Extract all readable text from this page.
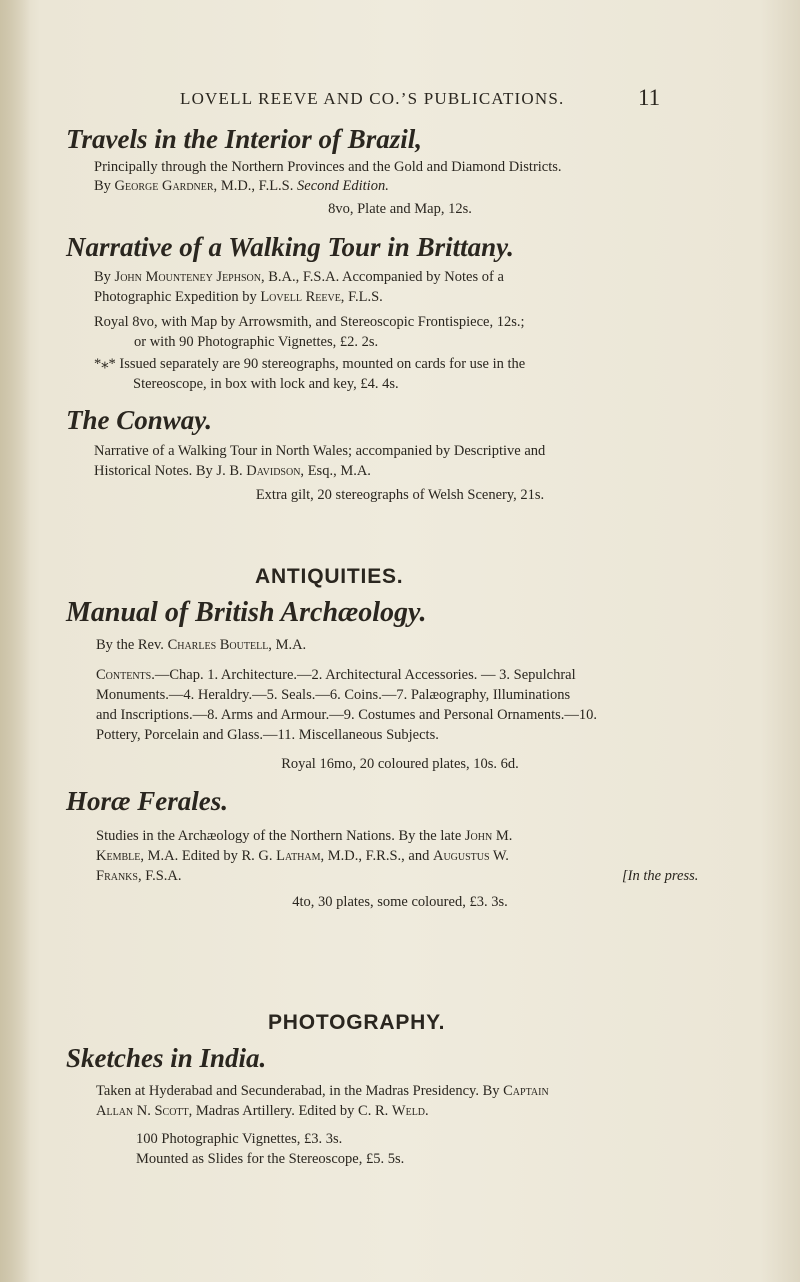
LOVELL REEVE AND CO.’S PUBLICATIONS.	11
Travels in the Interior of Brazil,
Principally through the Northern Provinces and the Gold and Diamond Districts.
By George Gardner, M.D., F.L.S. Second Edition.
8vo, Plate and Map, 12s.
Narrative of a Walking Tour in Brittany.
By John Mounteney Jephson, B.A., F.S.A. Accompanied by Notes of a
Photographic Expedition by Lovell Reeve, F.L.S.
Royal 8vo, with Map by Arrowsmith, and Stereoscopic Frontispiece, 12s.;
or with 90 Photographic Vignettes, £2. 2s.
*⁎* Issued separately are 90 stereographs, mounted on cards for use in the
Stereoscope, in box with lock and key, £4. 4s.
The Conway.
Narrative of a Walking Tour in North Wales; accompanied by Descriptive and
Historical Notes. By J. B. Davidson, Esq., M.A.
Extra gilt, 20 stereographs of Welsh Scenery, 21s.
ANTIQUITIES.
Manual of British Archæology.
By the Rev. Charles Boutell, M.A.
Contents.—Chap. 1. Architecture.—2. Architectural Accessories. — 3. Sepulchral
Monuments.—4. Heraldry.—5. Seals.—6. Coins.—7. Palæography, Illuminations
and Inscriptions.—8. Arms and Armour.—9. Costumes and Personal Ornaments.—10.
Pottery, Porcelain and Glass.—11. Miscellaneous Subjects.
Royal 16mo, 20 coloured plates, 10s. 6d.
Horæ Ferales.
Studies in the Archæology of the Northern Nations. By the late John M.
Kemble, M.A. Edited by R. G. Latham, M.D., F.R.S., and Augustus W.
Franks, F.S.A.	[In the press.
4to, 30 plates, some coloured, £3. 3s.
PHOTOGRAPHY.
Sketches in India.
Taken at Hyderabad and Secunderabad, in the Madras Presidency. By Captain
Allan N. Scott, Madras Artillery. Edited by C. R. Weld.
100 Photographic Vignettes, £3. 3s.
Mounted as Slides for the Stereoscope, £5. 5s.
